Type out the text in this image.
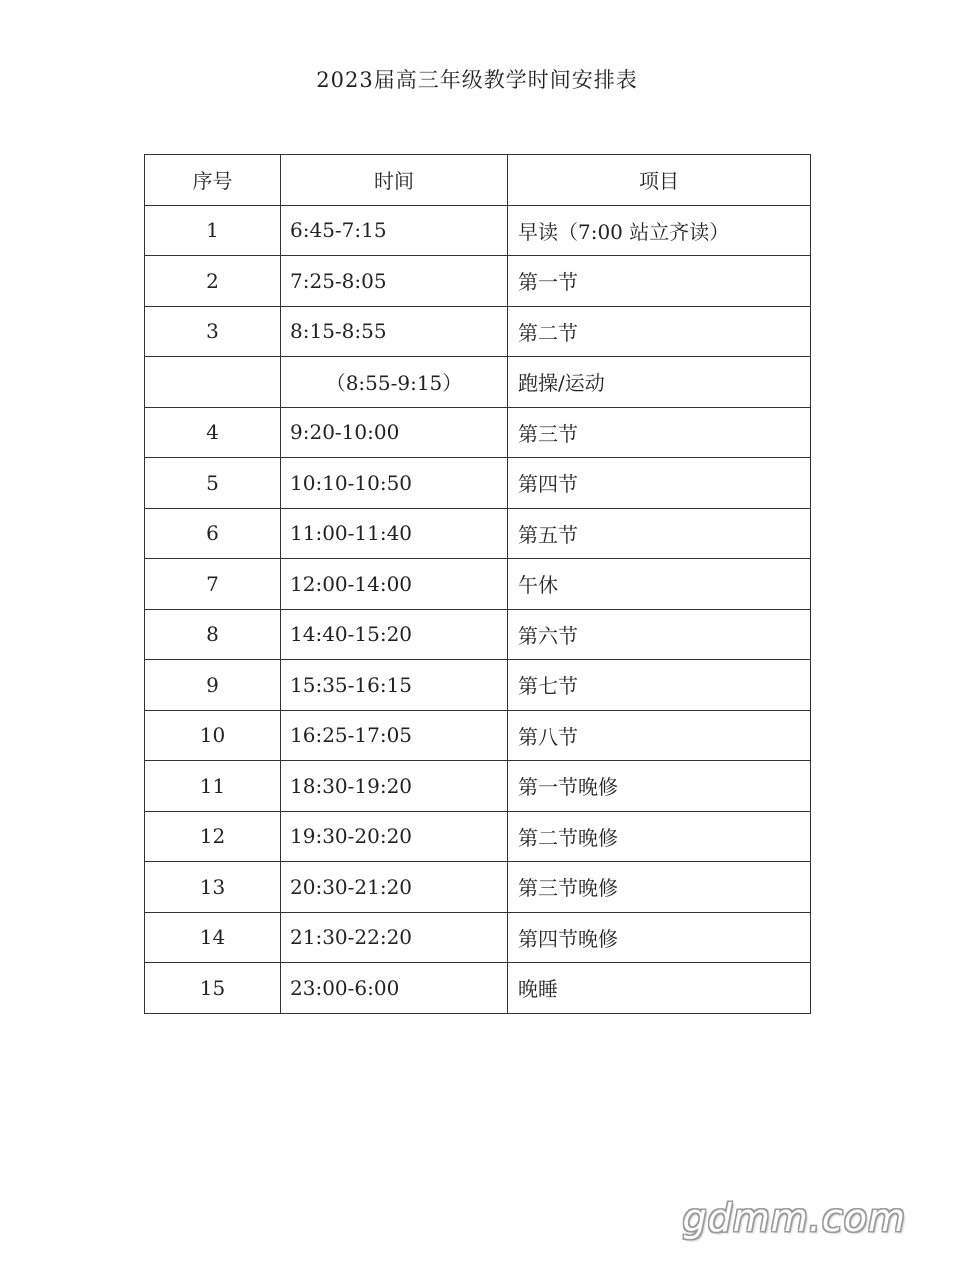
2023届高三年级教学时间安排表
序号	时间	项目
1	6:45-7:15	早读（7:00 站立齐读）
2	7:25-8:05	第一节
3	8:15-8:55	第二节
	（8:55-9:15）	跑操/运动
4	9:20-10:00	第三节
5	10:10-10:50	第四节
6	11:00-11:40	第五节
7	12:00-14:00	午休
8	14:40-15:20	第六节
9	15:35-16:15	第七节
10	16:25-17:05	第八节
11	18:30-19:20	第一节晚修
12	19:30-20:20	第二节晚修
13	20:30-21:20	第三节晚修
14	21:30-22:20	第四节晚修
15	23:00-6:00	晚睡
gdmm.com
